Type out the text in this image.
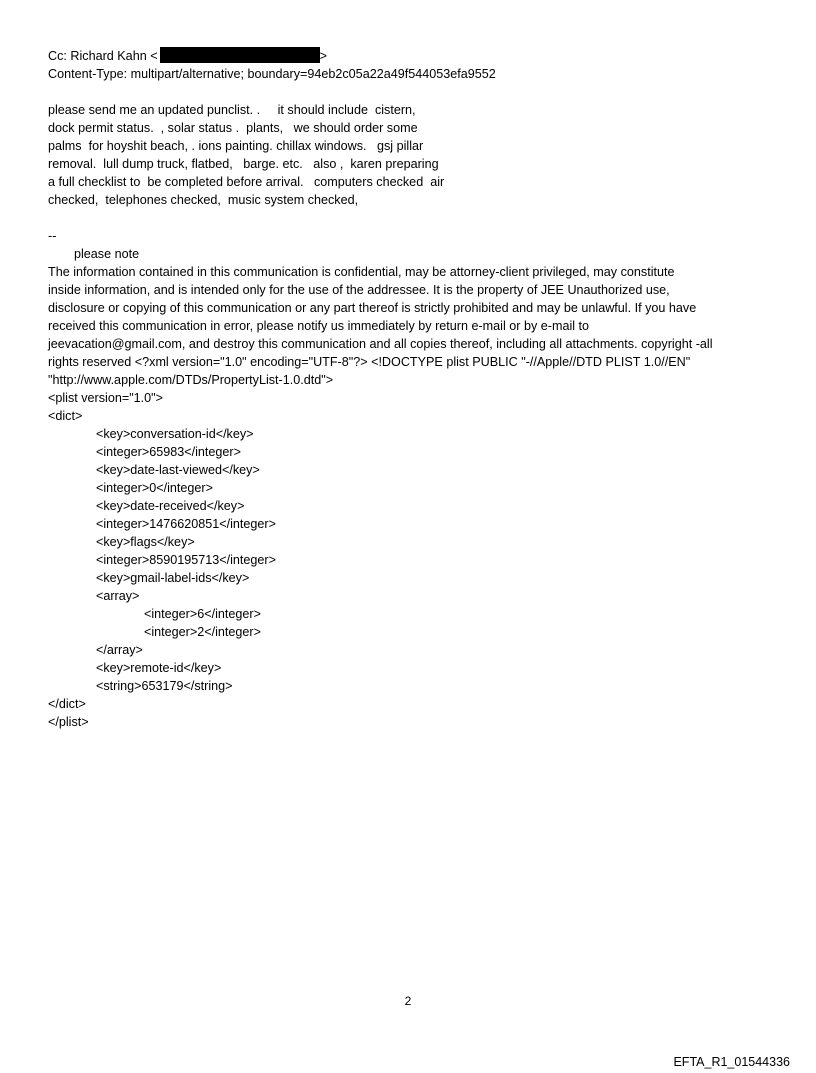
Cc: Richard Kahn <	>
Content-Type: multipart/alternative; boundary=94eb2c05a22a49f544053efa9552
please send me an updated punclist. .     it should include  cistern,
dock permit status.  , solar status .  plants,   we should order some
palms  for hoyshit beach, . ions painting. chillax windows.   gsj pillar
removal.  lull dump truck, flatbed,   barge. etc.   also ,  karen preparing
a full checklist to  be completed before arrival.   computers checked  air
checked,  telephones checked,  music system checked,
--
please note
The information contained in this communication is confidential, may be attorney-client privileged, may constitute
inside information, and is intended only for the use of the addressee. It is the property of JEE Unauthorized use,
disclosure or copying of this communication or any part thereof is strictly prohibited and may be unlawful. If you have
received this communication in error, please notify us immediately by return e-mail or by e-mail to
jeevacation@gmail.com, and destroy this communication and all copies thereof, including all attachments. copyright -all
rights reserved <?xml version="1.0" encoding="UTF-8"?> <!DOCTYPE plist PUBLIC "-//Apple//DTD PLIST 1.0//EN"
"http://www.apple.com/DTDs/PropertyList-1.0.dtd">
<plist version="1.0">
<dict>
<key>conversation-id</key>
<integer>65983</integer>
<key>date-last-viewed</key>
<integer>0</integer>
<key>date-received</key>
<integer>1476620851</integer>
<key>flags</key>
<integer>8590195713</integer>
<key>gmail-label-ids</key>
<array>
<integer>6</integer>
<integer>2</integer>
</array>
<key>remote-id</key>
<string>653179</string>
</dict>
</plist>
2
EFTA_R1_01544336
